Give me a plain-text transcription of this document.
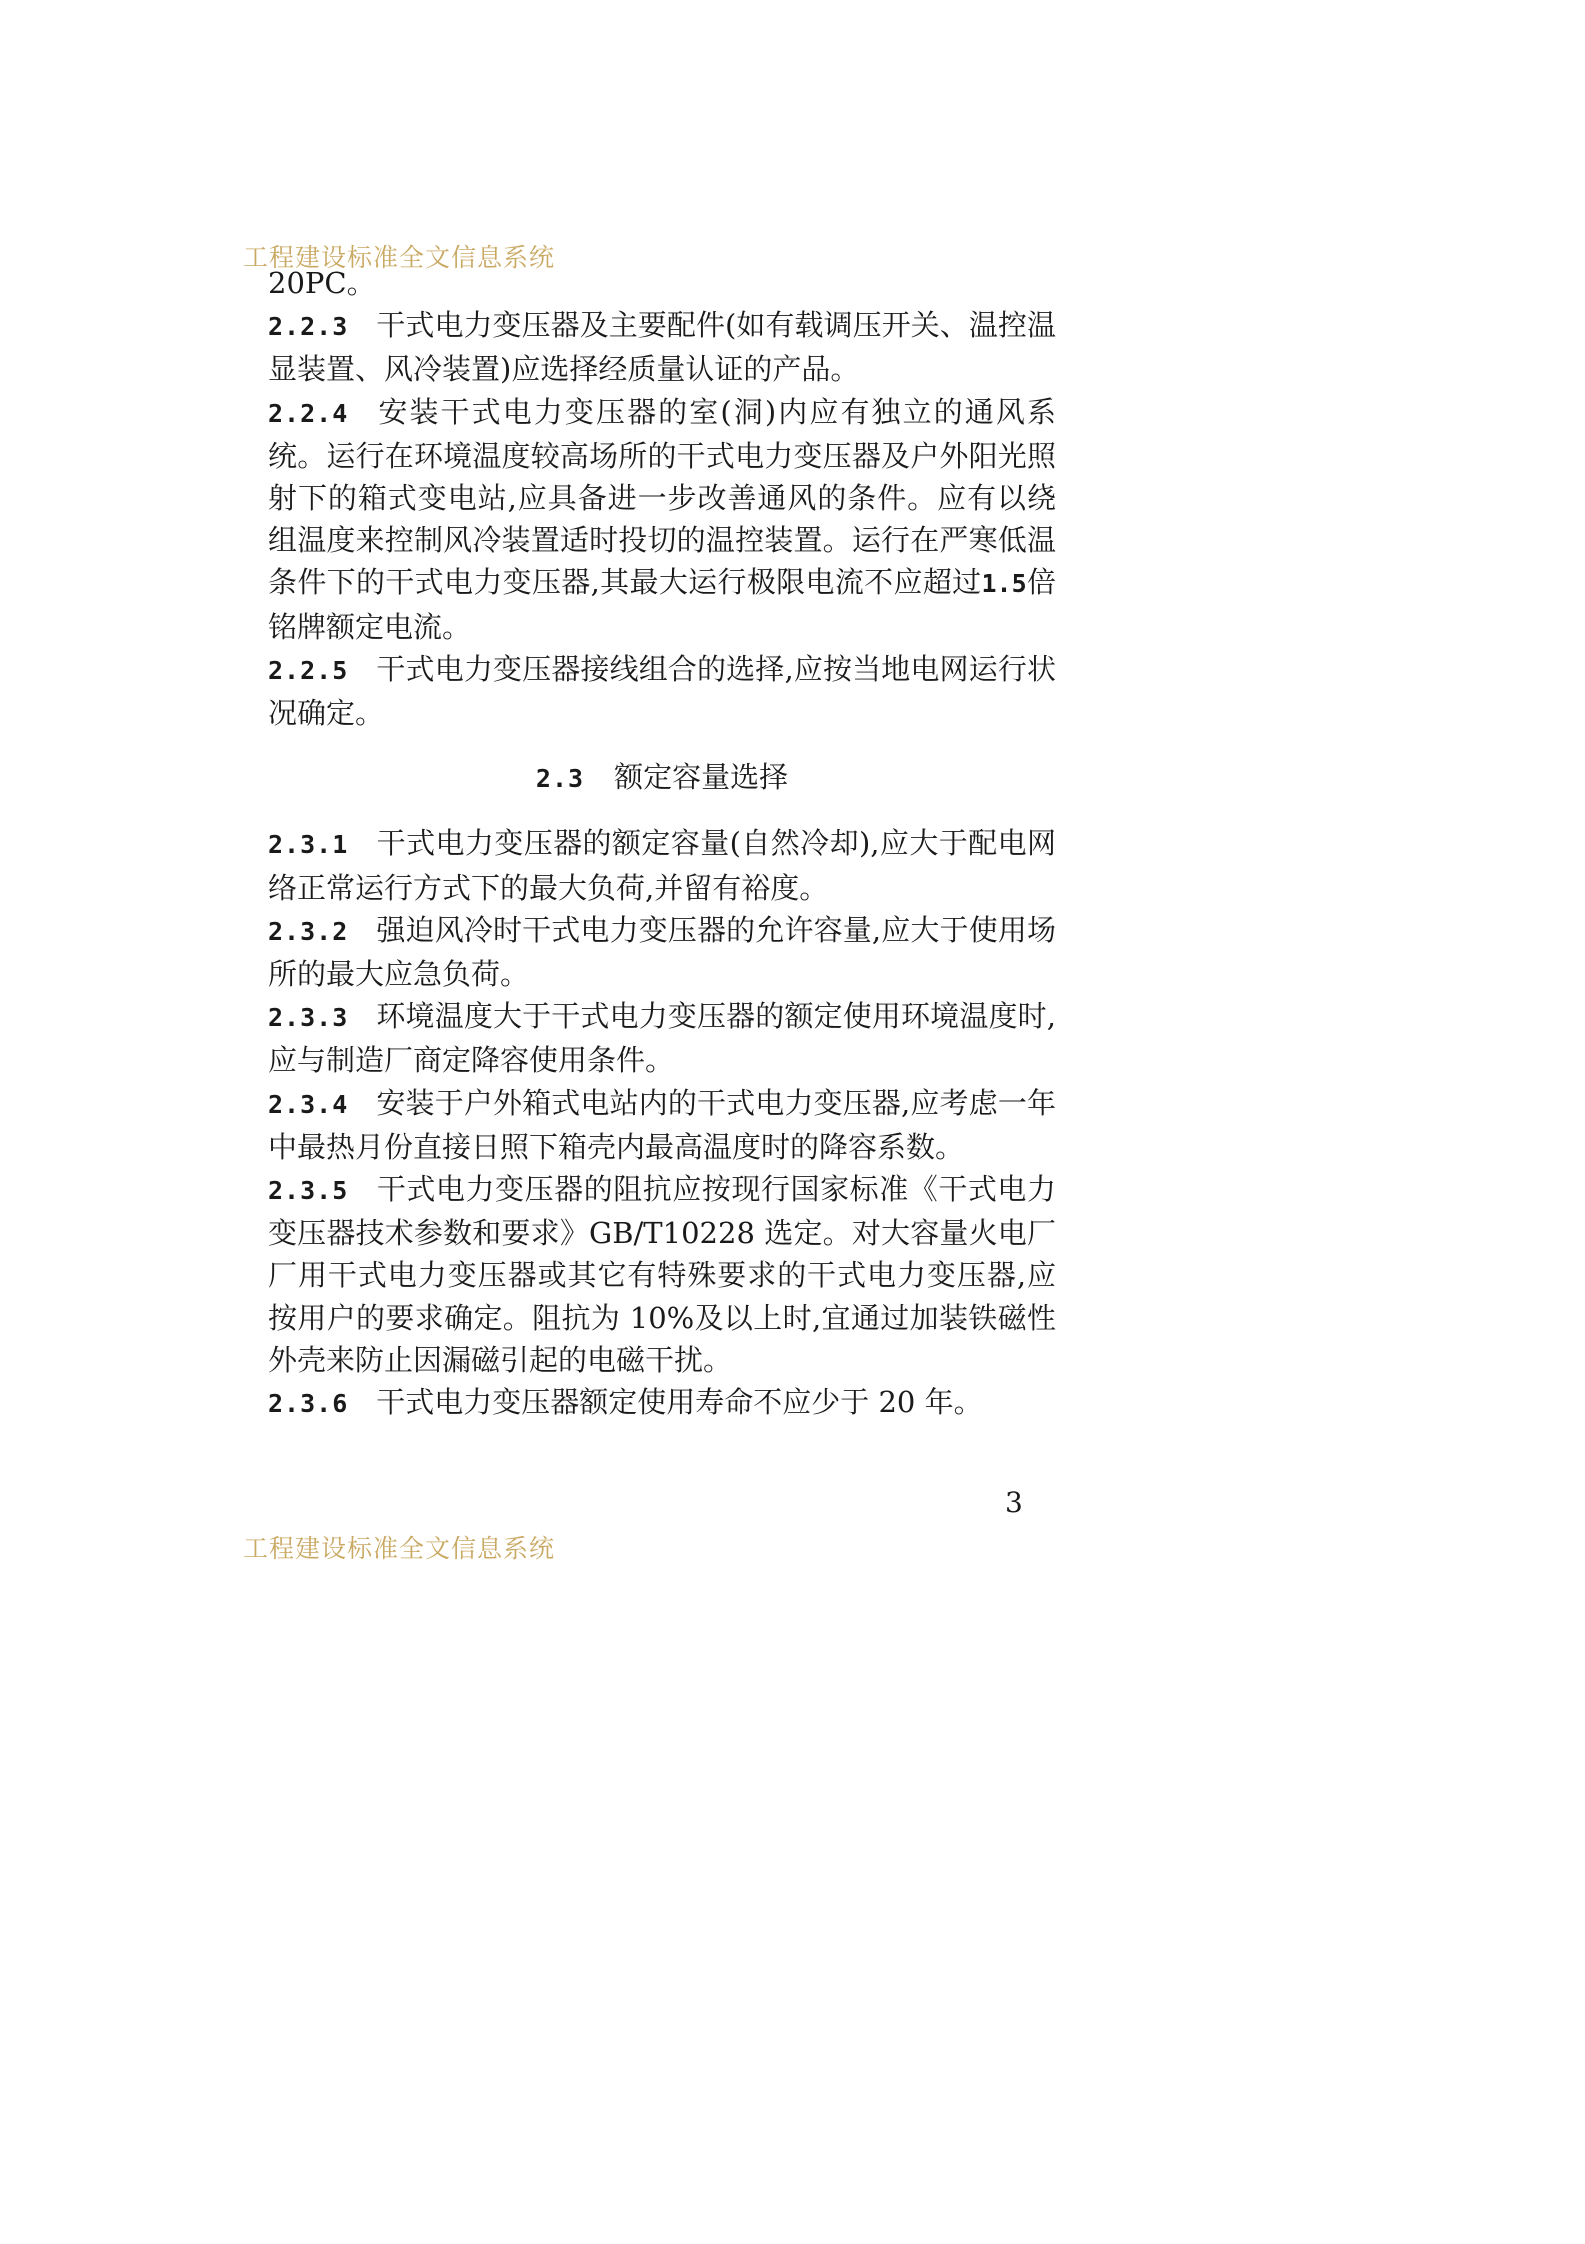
工程建设标准全文信息系统

20PC。

2.2.3 干式电力变压器及主要配件(如有载调压开关、温控温显装置、风冷装置)应选择经质量认证的产品。

2.2.4 安装干式电力变压器的室(洞)内应有独立的通风系统。运行在环境温度较高场所的干式电力变压器及户外阳光照射下的箱式变电站,应具备进一步改善通风的条件。应有以绕组温度来控制风冷装置适时投切的温控装置。运行在严寒低温条件下的干式电力变压器,其最大运行极限电流不应超过1.5倍铭牌额定电流。

2.2.5 干式电力变压器接线组合的选择,应按当地电网运行状况确定。

2.3 额定容量选择

2.3.1 干式电力变压器的额定容量(自然冷却),应大于配电网络正常运行方式下的最大负荷,并留有裕度。

2.3.2 强迫风冷时干式电力变压器的允许容量,应大于使用场所的最大应急负荷。

2.3.3 环境温度大于干式电力变压器的额定使用环境温度时,应与制造厂商定降容使用条件。

2.3.4 安装于户外箱式电站内的干式电力变压器,应考虑一年中最热月份直接日照下箱壳内最高温度时的降容系数。

2.3.5 干式电力变压器的阻抗应按现行国家标准《干式电力变压器技术参数和要求》GB/T10228 选定。对大容量火电厂厂用干式电力变压器或其它有特殊要求的干式电力变压器,应按用户的要求确定。阻抗为 10%及以上时,宜通过加装铁磁性外壳来防止因漏磁引起的电磁干扰。

2.3.6 干式电力变压器额定使用寿命不应少于 20 年。

3
工程建设标准全文信息系统
